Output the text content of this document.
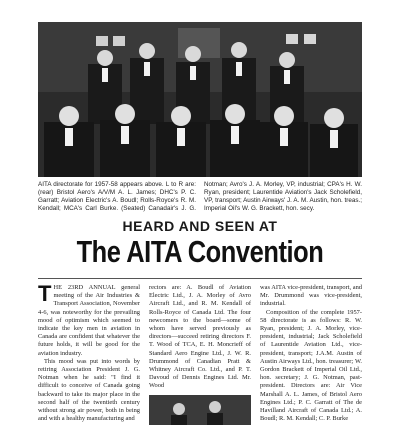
AITA directorate for 1957-58 appears above. L to R are: (rear) Bristol Aero's A/V/M A. L. James; DHC's P. C. Garratt; Aviation Electric's A. Boudl; Rolls-Royce's R. M. Kendall; MCA's Carl Burke. (Seated) Canadair's J. G. Notman; Avro's J. A. Morley, VP, industrial; CPA's H. W. Ryan, president; Laurentide Aviation's Jack Scholefield, VP, transport; Austin Airways' J. A. M. Austin, hon. treas.; Imperial Oil's W. G. Brackett, hon. secy.
HEARD AND SEEN AT
The AITA Convention

THE 23RD ANNUAL general meeting of the Air Industries & Transport Association, November 4-6, was noteworthy for the prevailing mood of optimism which seemed to indicate the key men in aviation in Canada are confident that whatever the future holds, it will be good for the aviation industry.

This mood was put into words by retiring Association President J. G. Notman when he said: "I find it difficult to conceive of Canada going backward to take its major place in the second half of the twentieth century without strong air power, both in being and with a healthy manufacturing and

rectors are: A. Boudl of Aviation Electric Ltd., J. A. Morley of Avro Aircraft Ltd., and R. M. Kendall of Rolls-Royce of Canada Ltd. The four newcomers to the board—some of whom have served previously as directors—succeed retiring directors F. T. Wood of TCA, E. H. Moncrieff of Standard Aero Engine Ltd., J. W. R. Drummond of Canadian Pratt & Whitney Aircraft Co. Ltd., and P. T. Davoud of Dennis Engines Ltd. Mr. Wood

was AITA vice-president, transport, and Mr. Drummond was vice-president, industrial.

Composition of the complete 1957-58 directorate is as follows: R. W. Ryan, president; J. A. Morley, vice-president, industrial; Jack Scholefield of Laurentide Aviation Ltd., vice-president, transport; J.A.M. Austin of Austin Airways Ltd., hon. treasurer; W. Gordon Brackett of Imperial Oil Ltd., hon. secretary; J. G. Notman, past-president. Directors are: Air Vice Marshall A. L. James, of Bristol Aero Engines Ltd.; P. C. Garratt of The de Havilland Aircraft of Canada Ltd.; A. Boudl; R. M. Kendall; C. P. Burke
